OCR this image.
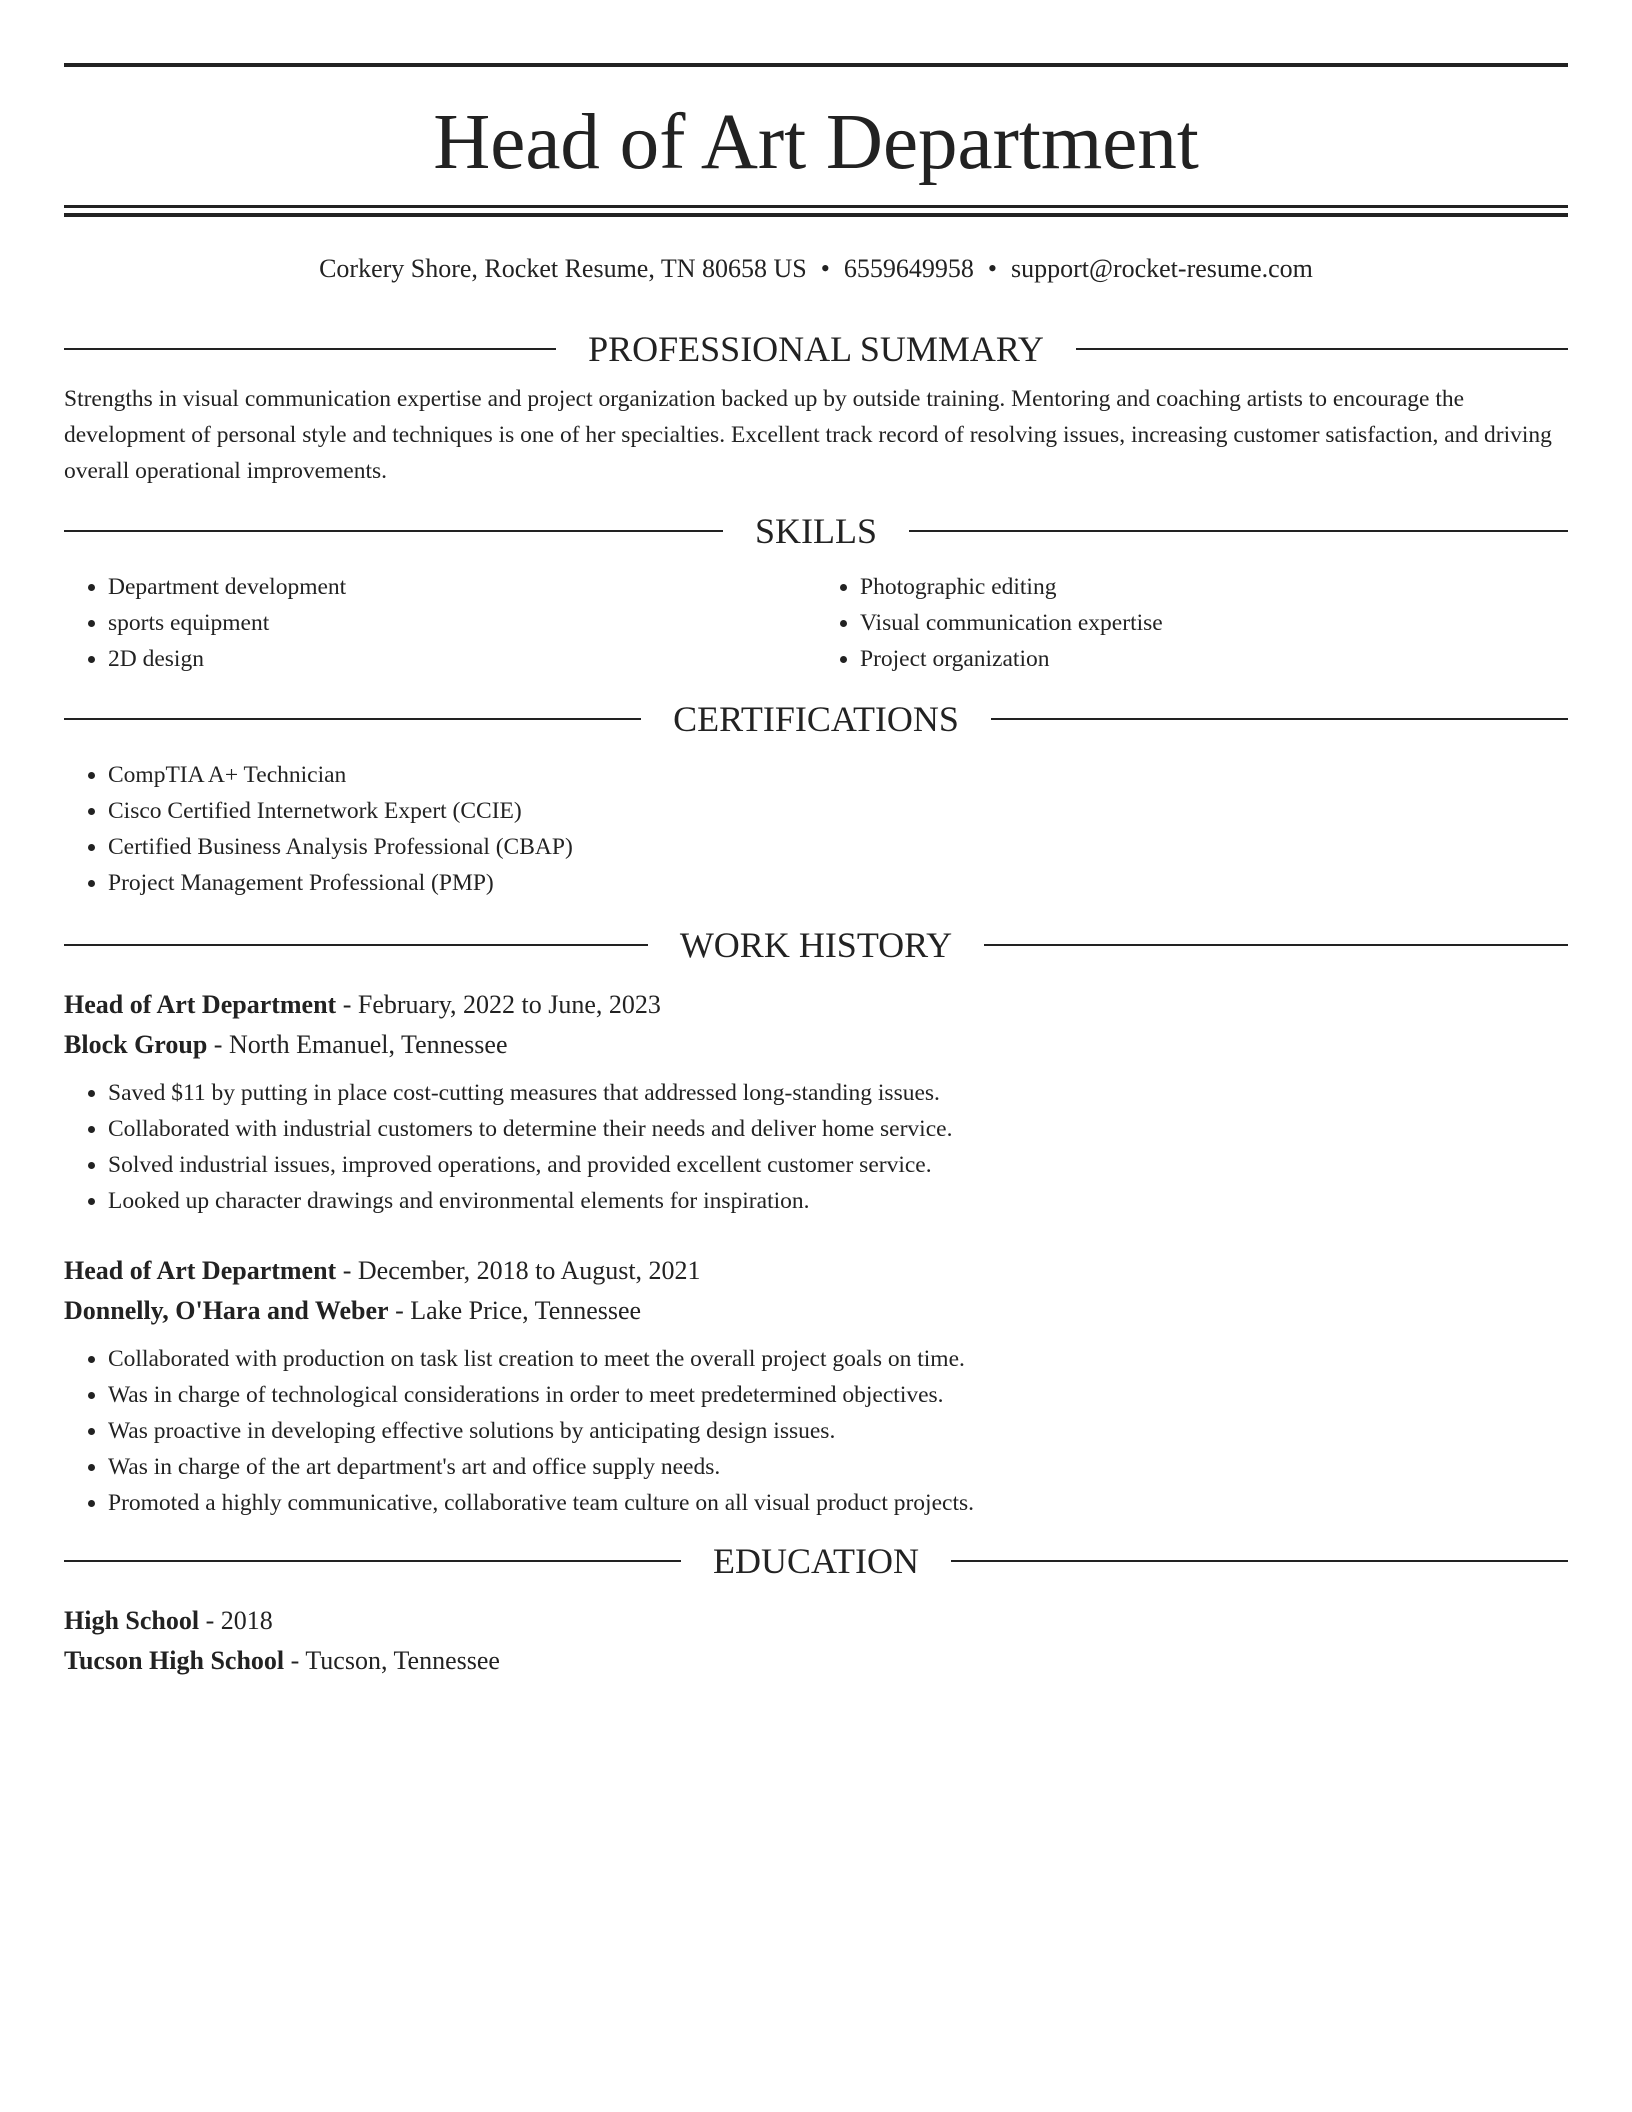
Head of Art Department
Corkery Shore, Rocket Resume, TN 80658 US • 6559649958 • support@rocket-resume.com
PROFESSIONAL SUMMARY

Strengths in visual communication expertise and project organization backed up by outside training. Mentoring and coaching artists to encourage the development of personal style and techniques is one of her specialties. Excellent track record of resolving issues, increasing customer satisfaction, and driving overall operational improvements.

SKILLS
• Department development
• sports equipment
• 2D design
• Photographic editing
• Visual communication expertise
• Project organization
CERTIFICATIONS
• CompTIA A+ Technician
• Cisco Certified Internetwork Expert (CCIE)
• Certified Business Analysis Professional (CBAP)
• Project Management Professional (PMP)
WORK HISTORY
Head of Art Department - February, 2022 to June, 2023
Block Group - North Emanuel, Tennessee
• Saved $11 by putting in place cost-cutting measures that addressed long-standing issues.
• Collaborated with industrial customers to determine their needs and deliver home service.
• Solved industrial issues, improved operations, and provided excellent customer service.
• Looked up character drawings and environmental elements for inspiration.
Head of Art Department - December, 2018 to August, 2021
Donnelly, O'Hara and Weber - Lake Price, Tennessee
• Collaborated with production on task list creation to meet the overall project goals on time.
• Was in charge of technological considerations in order to meet predetermined objectives.
• Was proactive in developing effective solutions by anticipating design issues.
• Was in charge of the art department's art and office supply needs.
• Promoted a highly communicative, collaborative team culture on all visual product projects.
EDUCATION
High School - 2018
Tucson High School - Tucson, Tennessee
